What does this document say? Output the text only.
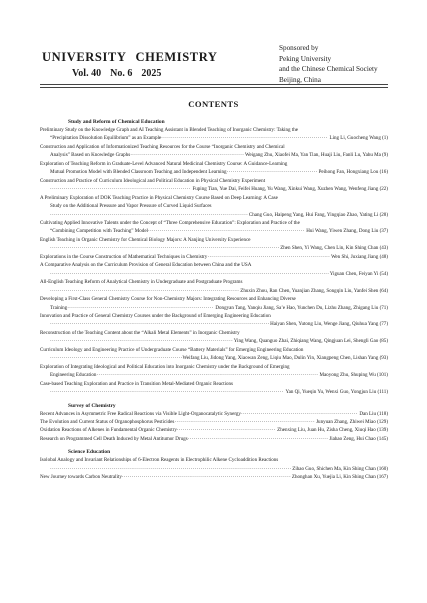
UNIVERSITY CHEMISTRY
Vol. 40 No. 6 2025
Sponsored by
Peking University
and the Chinese Chemical Society
Beijing, China
CONTENTS
Study and Reform of Chemical Education
Preliminary Study on the Knowledge Graph and AI Teaching Assistant in Blended Teaching of Inorganic Chemistry: Taking the
“Precipitation Dissolution Equilibrium” as an Example ·····	Ling Li, Guocheng Wang (1)
Construction and Application of Informationized Teaching Resources for the Course “Inorganic Chemistry and Chemical
Analysis” Based on Knowledge Graphs ·····	Weigang Zhu, Xiaofei Ma, Yan Tian, Huaji Liu, Fanli Lu, Yahu Ma (9)
Exploration of Teaching Reform in Graduate-Level Advanced Natural Medicinal Chemistry Course: A Guidance-Learning
Mutual Promotion Model with Blended Classroom Teaching and Independent Learning ·····	Peihong Fan, Hongxiang Lou (16)
Construction and Practice of Curriculum Ideological and Political Education in Physical Chemistry Experiment
·····
Fuping Tian, Yue Dai, Feifei Huang, Yu Wang, Xinkui Wang, Xuzhen Wang, Wenfeng Jiang (22)
A Preliminary Exploration of DOK Teaching Practice in Physical Chemistry Course Based on Deep Learning: A Case
Study on the Additional Pressure and Vapor Pressure of Curved Liquid Surfaces
·····
Chang Guo, Haipeng Yang, Hui Fang, Yingqiao Zhao, Yating Li (28)
Cultivating Applied Innovative Talents under the Concept of “Three Comprehensive Education”: Exploration and Practice of the
“Combining Competition with Teaching” Model ·····	Hui Wang, Yiwen Zhang, Dong Liu (37)
English Teaching in Organic Chemistry for Chemical Biology Majors: A Nanjing University Experience
·····
Zhen Shen, Yi Wang, Chen Lin, Kin Shing Chan (43)
Explorations in the Course Construction of Mathematical Techniques in Chemistry ·····	Wen Shi, Juxiang Jiang (48)
A Comparative Analysis on the Curriculum Provision of General Education between China and the USA
·····
Yiguan Chen, Feiyan Yi (54)
All-English Teaching Reform of Analytical Chemistry in Undergraduate and Postgraduate Programs
·····
Zhuxin Zhou, Ran Chen, Yuanjian Zhang, Songqin Liu, Yanfei Shen (64)
Developing a First-Class General Chemistry Course for Non-Chemistry Majors: Integrating Resources and Enhancing Diverse
Training ·····	Dongyan Tang, Yanqiu Jiang, Sa’e Hao, Yunchen Du, Lizhu Zhang, Zhigang Liu (71)
Innovation and Practice of General Chemistry Courses under the Background of Emerging Engineering Education
·····
Haiyan Shen, Yutong Liu, Wenge Jiang, Qiuhua Yang (77)
Reconstruction of the Teaching Content about the “Alkali Metal Elements” in Inorganic Chemistry
·····
Ying Wang, Quanguo Zhai, Zhiqiang Wang, Qingjuan Lei, Shengli Gao (85)
Curriculum Ideology and Engineering Practice of Undergraduate Course “Battery Materials” for Emerging Engineering Education
·····
Weifang Liu, Jidong Yang, Xiaowan Zeng, Liqiu Mao, Dulin Yin, Xiangpeng Chen, Lishan Yang (93)
Exploration of Integrating Ideological and Political Education into Inorganic Chemistry under the Background of Emerging
Engineering Education ·····	Maoyong Zhu, Shuping Wu (101)
Case-based Teaching Exploration and Practice in Transition Metal-Mediated Organic Reactions
·····
Yan Qi, Yueqin Yu, Wenxi Guo, Yongjun Liu (111)
Survey of Chemistry
Recent Advances in Asymmetric Free Radical Reactions via Visible Light-Organocatalytic Synergy ·····	Dan Liu (118)
The Evolution and Current Status of Organophosphorus Pesticides ·····	Junyuan Zhang, Zhiwei Miao (129)
Oxidation Reactions of Alkenes in Fundamental Organic Chemistry ·····	Zhenxing Liu, Juan Hu, Zisha Cheng, Xiuqi Hao (139)
Research on Programmed Cell Death Induced by Metal Antitumor Drugs ·····	Jiahao Zeng, Hui Chao (145)
Science Education
Isolobal Analogy and Invariant Relationships of 6-Electron Reagents in Electrophilic Alkene Cycloaddition Reactions
·····
Zihao Guo, Shichen Ma, Kin Shing Chan (160)
New Journey towards Carbon Neutrality ·····	Zhonghan Xu, Yuejia Li, Kin Shing Chan (167)
